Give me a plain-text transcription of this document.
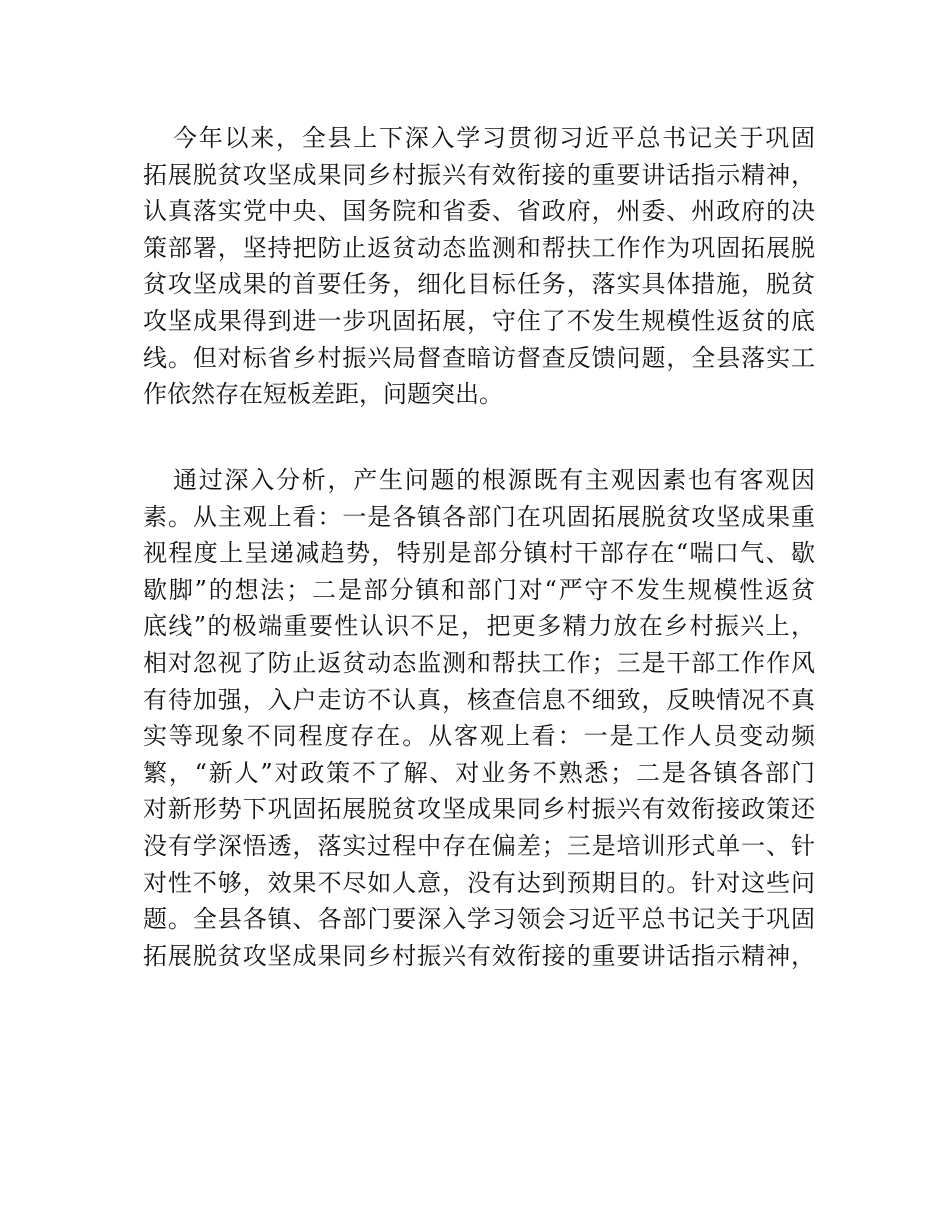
今年以来，全县上下深入学习贯彻习近平总书记关于巩固
拓展脱贫攻坚成果同乡村振兴有效衔接的重要讲话指示精神，
认真落实党中央、国务院和省委、省政府，州委、州政府的决
策部署，坚持把防止返贫动态监测和帮扶工作作为巩固拓展脱
贫攻坚成果的首要任务，细化目标任务，落实具体措施，脱贫
攻坚成果得到进一步巩固拓展，守住了不发生规模性返贫的底
线。但对标省乡村振兴局督查暗访督查反馈问题，全县落实工
作依然存在短板差距，问题突出。
通过深入分析，产生问题的根源既有主观因素也有客观因
素。从主观上看：一是各镇各部门在巩固拓展脱贫攻坚成果重
视程度上呈递减趋势，特别是部分镇村干部存在“喘口气、歇
歇脚”的想法；二是部分镇和部门对“严守不发生规模性返贫
底线”的极端重要性认识不足，把更多精力放在乡村振兴上，
相对忽视了防止返贫动态监测和帮扶工作；三是干部工作作风
有待加强，入户走访不认真，核查信息不细致，反映情况不真
实等现象不同程度存在。从客观上看：一是工作人员变动频
繁，“新人”对政策不了解、对业务不熟悉；二是各镇各部门
对新形势下巩固拓展脱贫攻坚成果同乡村振兴有效衔接政策还
没有学深悟透，落实过程中存在偏差；三是培训形式单一、针
对性不够，效果不尽如人意，没有达到预期目的。针对这些问
题。全县各镇、各部门要深入学习领会习近平总书记关于巩固
拓展脱贫攻坚成果同乡村振兴有效衔接的重要讲话指示精神，
